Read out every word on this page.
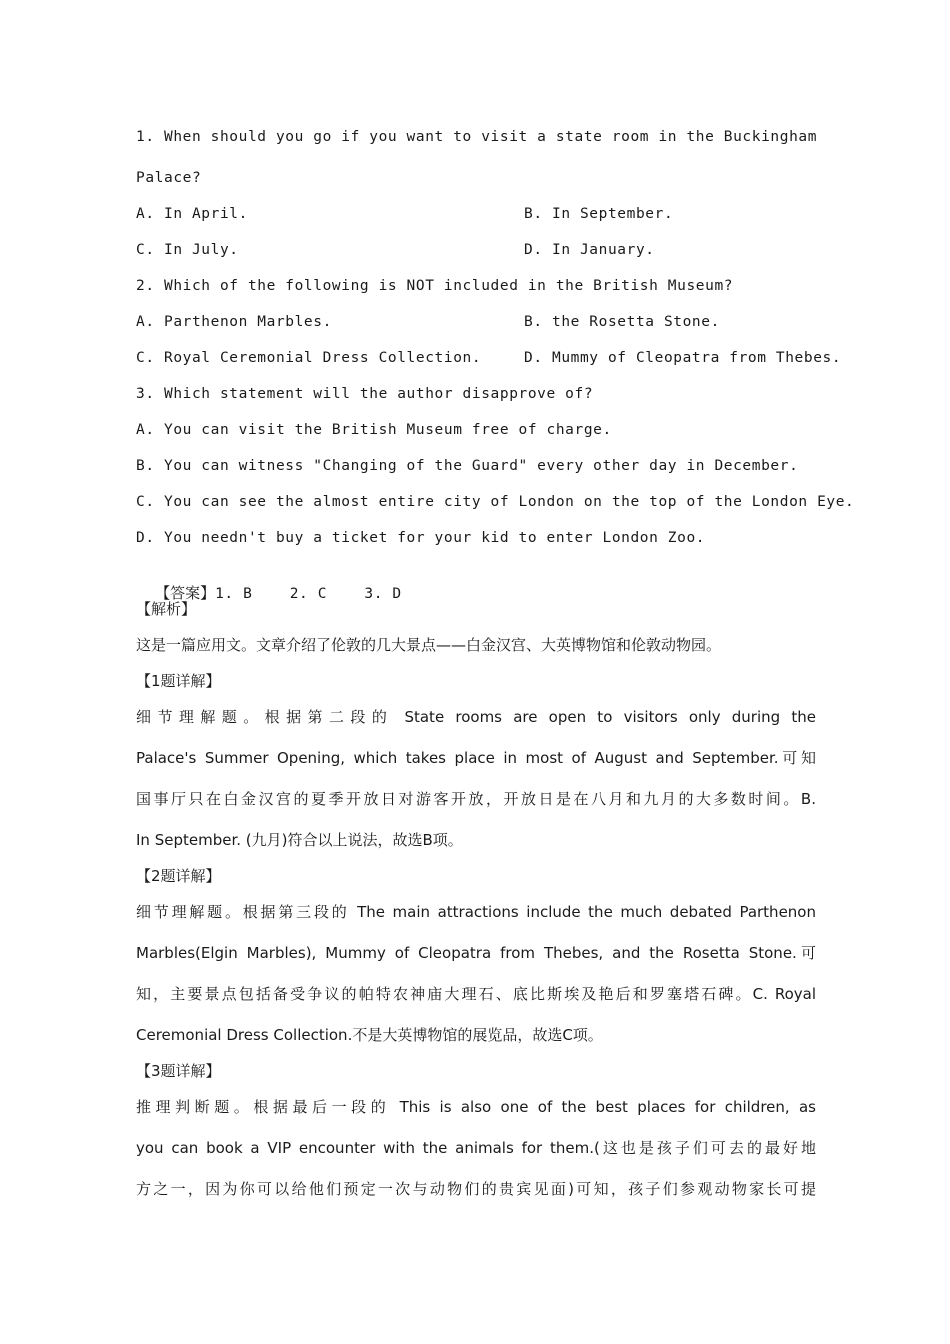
1. When should you go if you want to visit a state room in the Buckingham
Palace?
A. In April.	B. In September.
C. In July.	D. In January.
2. Which of the following is NOT included in the British Museum?
A. Parthenon Marbles.	B. the Rosetta Stone.
C. Royal Ceremonial Dress Collection.	D. Mummy of Cleopatra from Thebes.
3. Which statement will the author disapprove of?
A. You can visit the British Museum free of charge.
B. You can witness "Changing of the Guard" every other day in December.
C. You can see the almost entire city of London on the top of the London Eye.
D. You needn't buy a ticket for your kid to enter London Zoo.

【答案】1. B    2. C    3. D

【解析】
这是一篇应用文。文章介绍了伦敦的几大景点——白金汉宫、大英博物馆和伦敦动物园。
【1题详解】
细节理解题。根据第二段的 State rooms are open to visitors only during the
Palace's Summer Opening, which takes place in most of August and September.可知
国事厅只在白金汉宫的夏季开放日对游客开放，开放日是在八月和九月的大多数时间。B.
In September. (九月)符合以上说法，故选B项。
【2题详解】
细节理解题。根据第三段的 The main attractions include the much debated Parthenon
Marbles(Elgin Marbles), Mummy of Cleopatra from Thebes, and the Rosetta Stone.可
知，主要景点包括备受争议的帕特农神庙大理石、底比斯埃及艳后和罗塞塔石碑。C. Royal
Ceremonial Dress Collection.不是大英博物馆的展览品，故选C项。
【3题详解】
推理判断题。根据最后一段的 This is also one of the best places for children, as
you can book a VIP encounter with the animals for them.(这也是孩子们可去的最好地
方之一，因为你可以给他们预定一次与动物们的贵宾见面)可知，孩子们参观动物家长可提
